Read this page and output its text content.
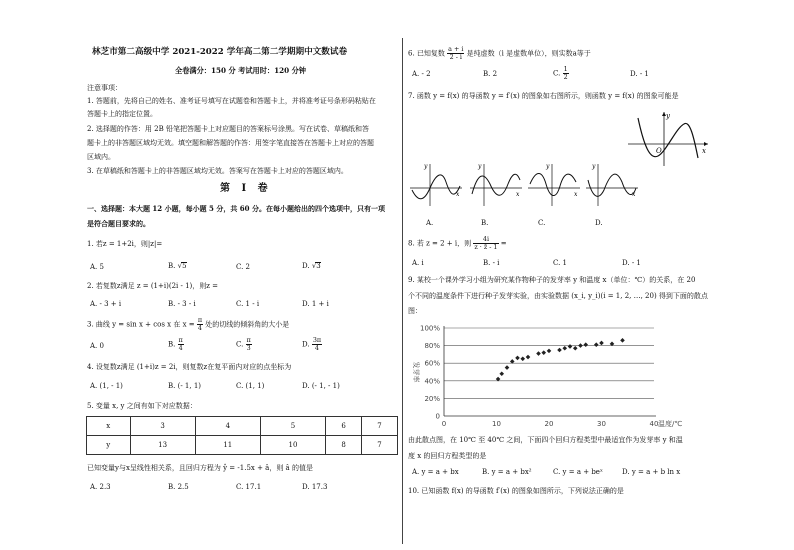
林芝市第二高级中学 2021-2022 学年高二第二学期期中文数试卷
全卷满分：150 分 考试用时：120 分钟
注意事项：
1. 答题前，先将自己的姓名、准考证号填写在试题卷和答题卡上，并将准考证号条形码粘贴在
答题卡上的指定位置。
2. 选择题的作答：用 2B 铅笔把答题卡上对应题目的答案标号涂黑。写在试卷、草稿纸和答
题卡上的非答题区域均无效。填空题和解答题的作答：用签字笔直接答在答题卡上对应的答题
区域内。
3. 在草稿纸和答题卡上的非答题区域均无效。答案写在答题卡上对应的答题区域内。
第 I 卷
一、选择题：本大题 12 小题，每小题 5 分，共 60 分。在每小题给出的四个选项中，只有一项
是符合题目要求的。
1. 若z = 1+2i，则|z|=
A. 5	B. √5	C. 2	D. √3
2. 若复数z满足 z = (1+i)(2i - 1)，则z =
A. - 3 + i	B. - 3 - i	C. 1 - i	D. 1 + i
3. 曲线 y = sin x + cos x 在 $x = \frac{\pi}{4}$ 处的切线的倾斜角的大小是
A. 0	B. $\frac{\pi}{4}$	C. $\frac{\pi}{3}$	D. $\frac{3\pi}{4}$
4. 设复数z满足 (1+i)z = 2i，则复数z在复平面内对应的点坐标为
A. (1, - 1)	B. (- 1, 1)	C. (1, 1)	D. (- 1, - 1)
5. 变量 x, y 之间有如下对应数据：
x	3	4	5	6	7
y	13	11	10	8	7
已知变量y与x呈线性相关系，且回归方程为 ŷ = -1.5x + â，则 â 的值是
A. 2.3	B. 2.5	C. 17.1	D. 17.3
6. 已知复数 $\frac{a + i}{2 - i}$ 是纯虚数（i 是虚数单位），则实数a等于
A. - 2	B. 2	C. $\frac{1}{2}$	D. - 1
7. 函数 y = f(x) 的导函数 y = f′(x) 的图象如右图所示，则函数 y = f(x) 的图象可能是
y
x
O
x
y
x
y
x
y
x
y
A.	B.	C.	D.
8. 若 z = 2 + i，则 $\frac{4i}{z \cdot z̄ - 1}$ =
A. i	B. - i	C. 1	D. - 1
9. 某校一个课外学习小组为研究某作物种子的发芽率 y 和温度 x（单位：℃）的关系，在 20
个不同的温度条件下进行种子发芽实验，由实验数据 (x_i, y_i)(i = 1, 2, …, 20) 得到下面的散点
图：
0
20%
40%
60%
80%
100%
0	10	20	30	40 温度/℃
发芽率
由此散点图，在 10℃ 至 40℃ 之间，下面四个回归方程类型中最适宜作为发芽率 y 和温
度 x 的回归方程类型的是
A. y = a + bx	B. y = a + bx²	C. y = a + beˣ	D. y = a + b ln x
10. 已知函数 f(x) 的导函数 f′(x) 的图象如图所示，下列说法正确的是
